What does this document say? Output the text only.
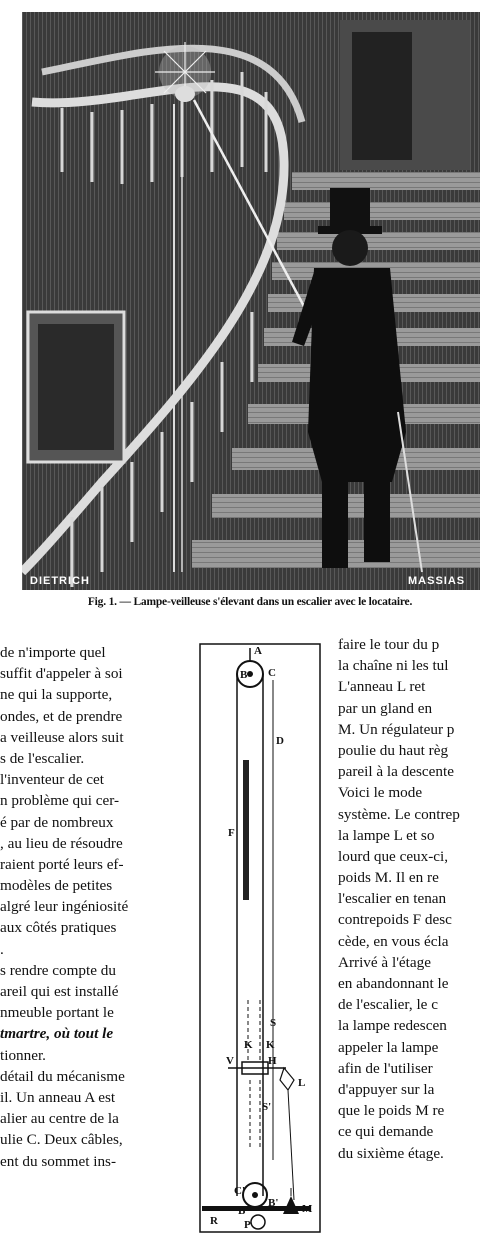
DIETRICH	MASSIAS
Fig. 1. — Lampe-veilleuse s'élevant dans un escalier avec le locataire.
de n'importe quel
suffit d'appeler à soi
ne qui la supporte,
ondes, et de prendre
a veilleuse alors suit
s de l'escalier.
l'inventeur de cet
n problème qui cer-
é par de nombreux
, au lieu de résoudre
raient porté leurs ef-
modèles de petites
algré leur ingéniosité
aux côtés pratiques
.
s rendre compte du
areil qui est installé
nmeuble portant le
tmartre, où tout le
tionner.
détail du mécanisme
il. Un anneau A est
alier au centre de la
ulie C. Deux câbles,
ent du sommet ins-
A
B C
D
F
S
K K
V	H
L
S'
C'
B'
B' M
R P
faire le tour du p
la chaîne ni les tul
L'anneau L ret
par un gland en
M. Un régulateur p
poulie du haut règ
pareil à la descente
Voici le mode
système. Le contrep
la lampe L et so
lourd que ceux-ci,
poids M. Il en re
l'escalier en tenan
contrepoids F desc
cède, en vous écla
Arrivé à l'étage
en abandonnant le
de l'escalier, le c
la lampe redescen
appeler la lampe
afin de l'utiliser
d'appuyer sur la
que le poids M re
ce qui demande
du sixième étage.
